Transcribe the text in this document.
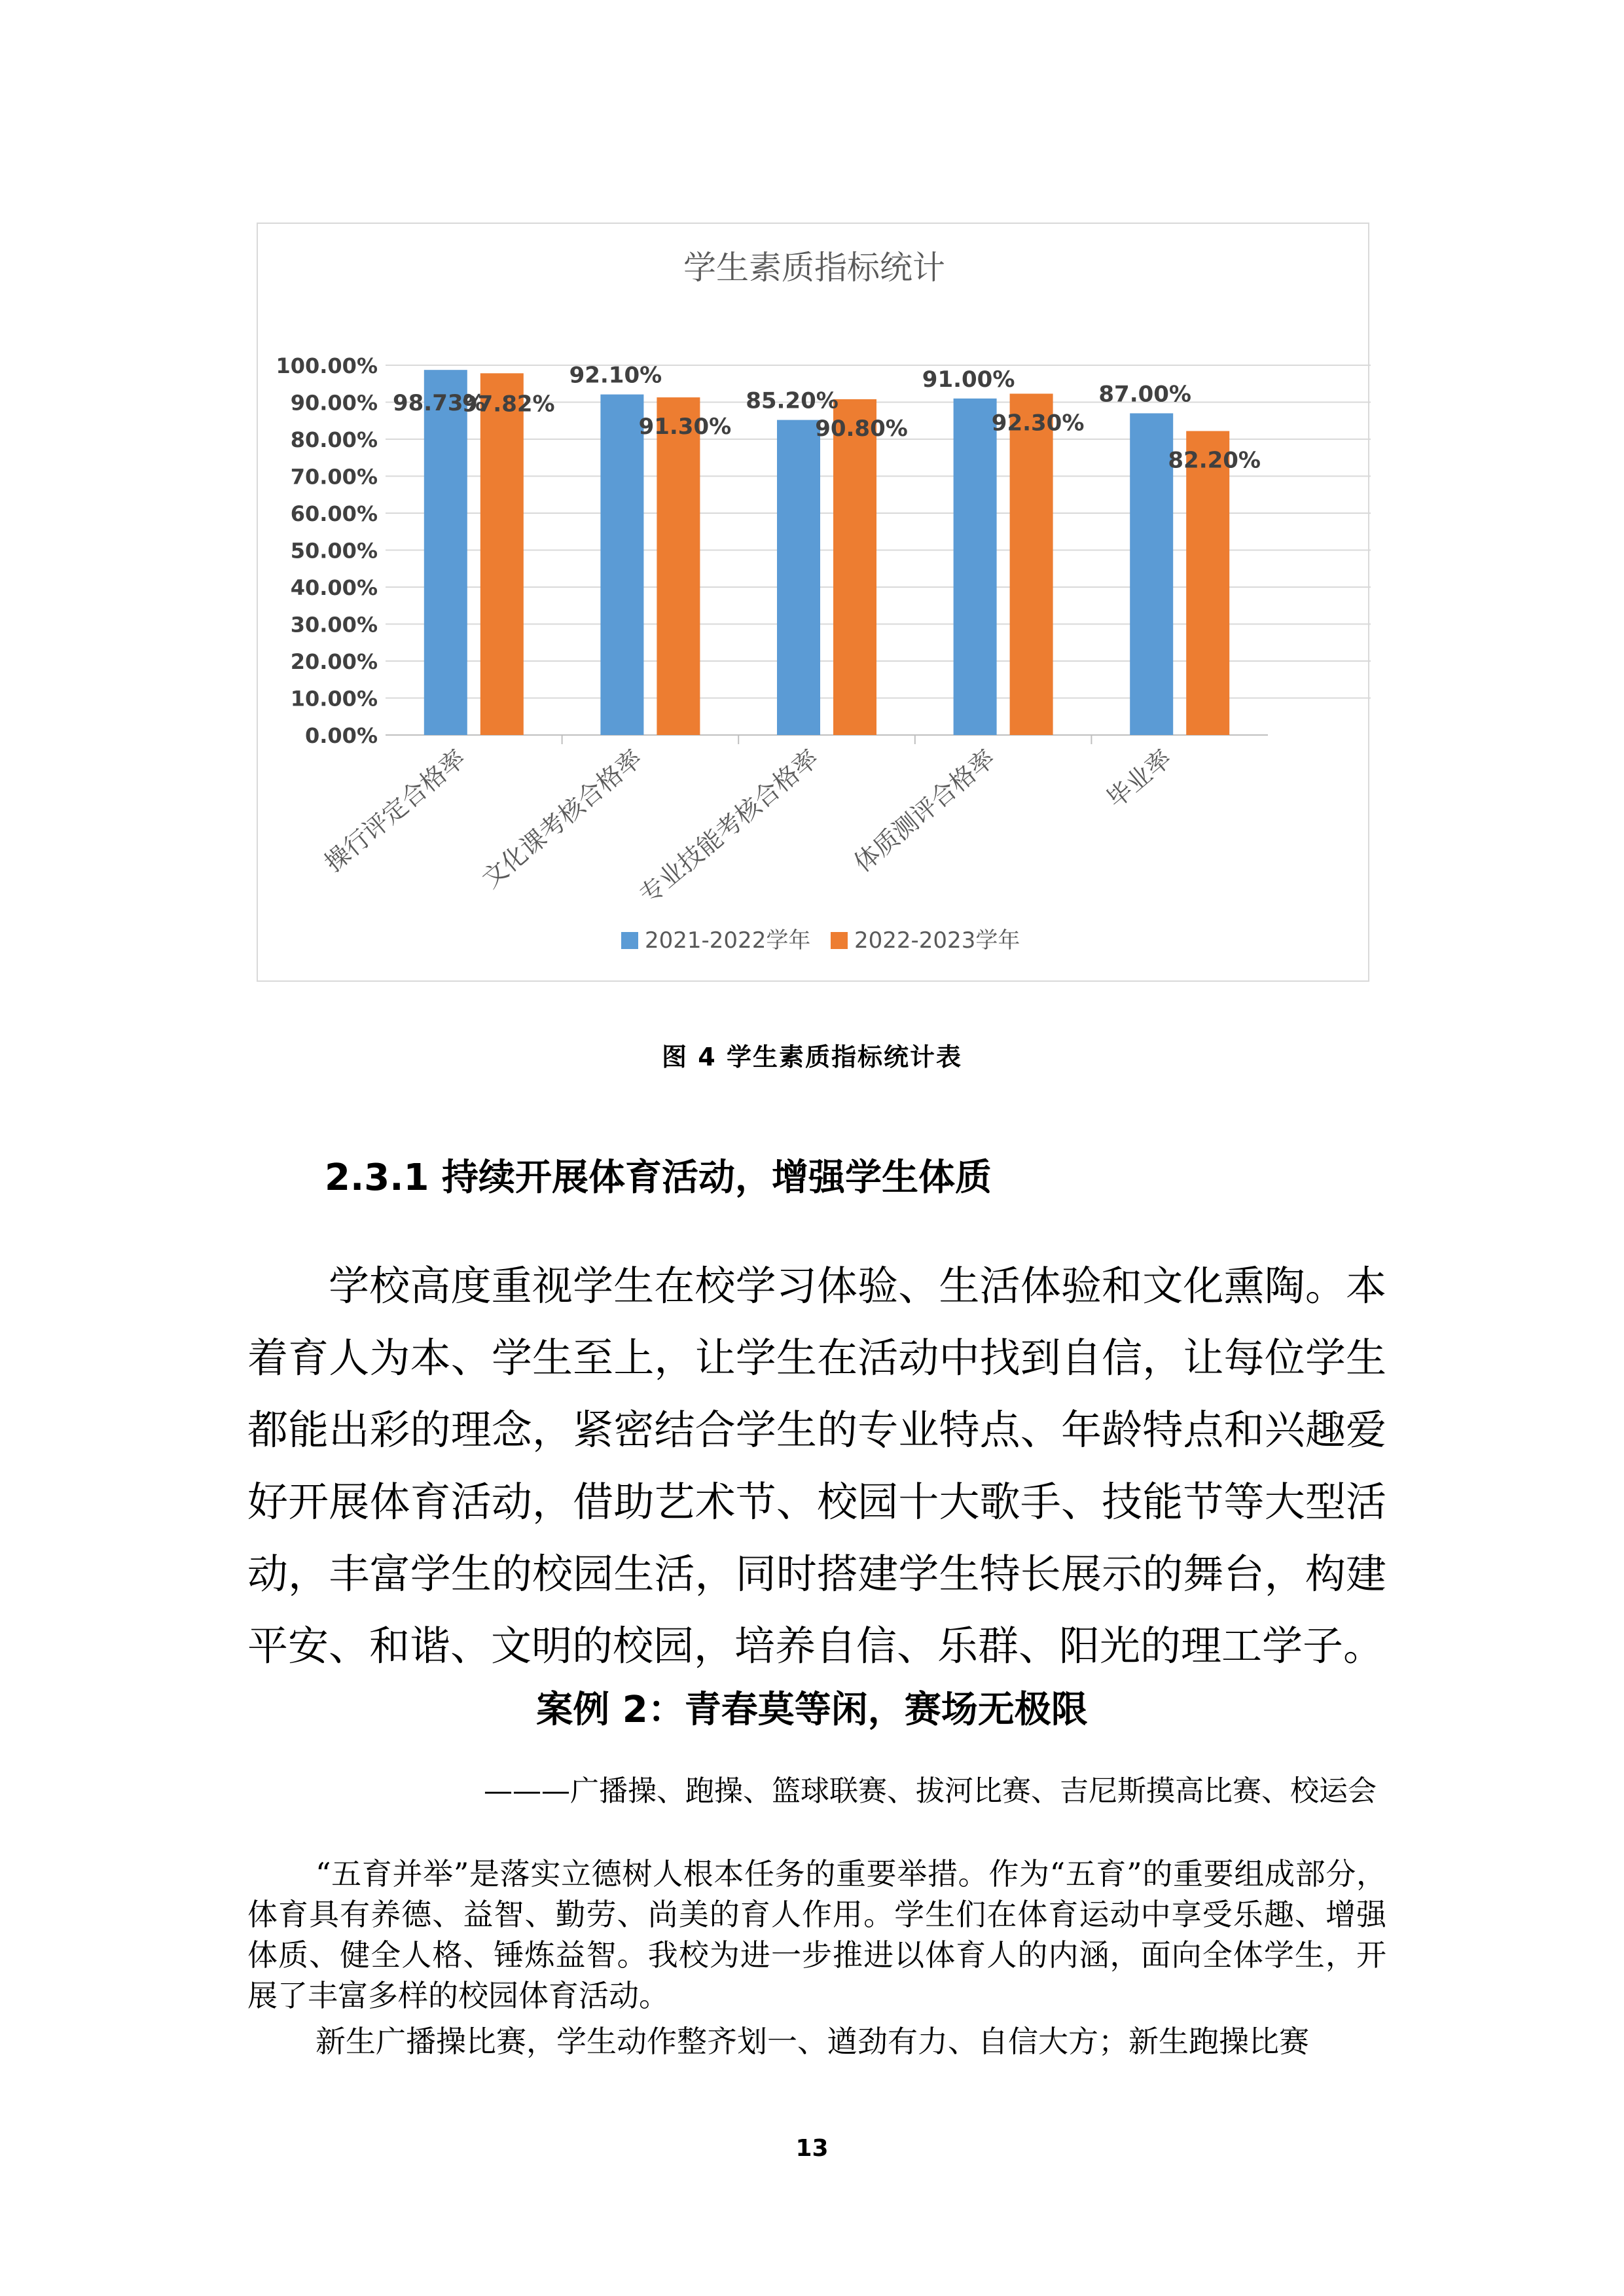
学生素质指标统计
0.00%
10.00%
20.00%
30.00%
40.00%
50.00%
60.00%
70.00%
80.00%
90.00%
100.00%
操行评定合格率 文化课考核合格率
专业技能考核合格率 体质测评合格率	毕业率
98.73%
97.82%
92.10%
91.30%
85.20%
90.80%
91.00%
92.30%
87.00%
82.20%
2021-2022学年 2022-2023学年
图 4 学生素质指标统计表
2.3.1 持续开展体育活动，增强学生体质

学校高度重视学生在校学习体验、生活体验和文化熏陶。本着育人为本、学生至上，让学生在活动中找到自信，让每位学生都能出彩的理念，紧密结合学生的专业特点、年龄特点和兴趣爱好开展体育活动，借助艺术节、校园十大歌手、技能节等大型活动，丰富学生的校园生活，同时搭建学生特长展示的舞台，构建平安、和谐、文明的校园，培养自信、乐群、阳光的理工学子。

案例 2：青春莫等闲，赛场无极限
———广播操、跑操、篮球联赛、拔河比赛、吉尼斯摸高比赛、校运会

“五育并举”是落实立德树人根本任务的重要举措。作为“五育”的重要组成部分，体育具有养德、益智、勤劳、尚美的育人作用。学生们在体育运动中享受乐趣、增强体质、健全人格、锤炼益智。我校为进一步推进以体育人的内涵，面向全体学生，开展了丰富多样的校园体育活动。

新生广播操比赛，学生动作整齐划一、遒劲有力、自信大方；新生跑操比赛

13
